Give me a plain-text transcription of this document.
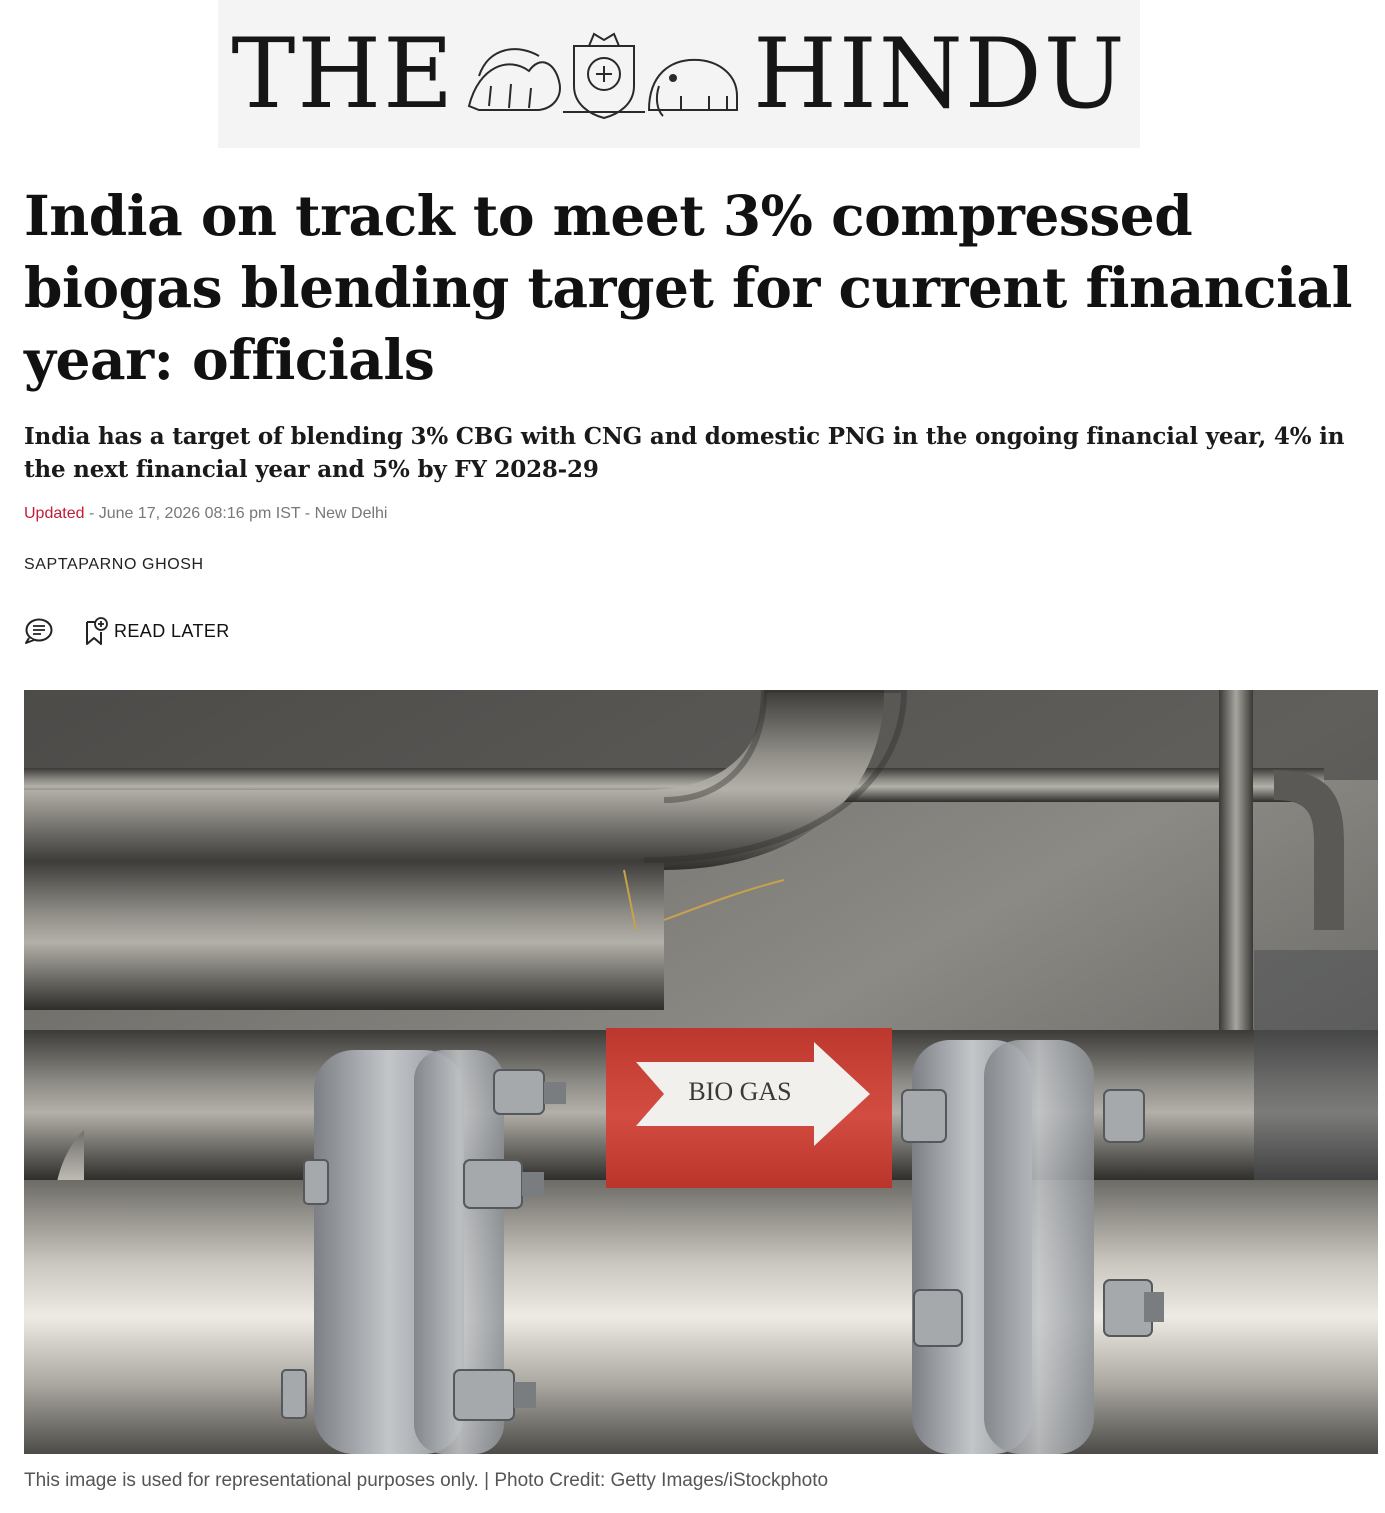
THE	HINDU
India on track to meet 3% compressed biogas blending target for current financial year: officials
India has a target of blending 3% CBG with CNG and domestic PNG in the ongoing financial year, 4% in the next financial year and 5% by FY 2028-29
Updated - June 17, 2026 08:16 pm IST - New Delhi
SAPTAPARNO GHOSH
READ LATER
BIO GAS
This image is used for representational purposes only. | Photo Credit: Getty Images/iStockphoto
